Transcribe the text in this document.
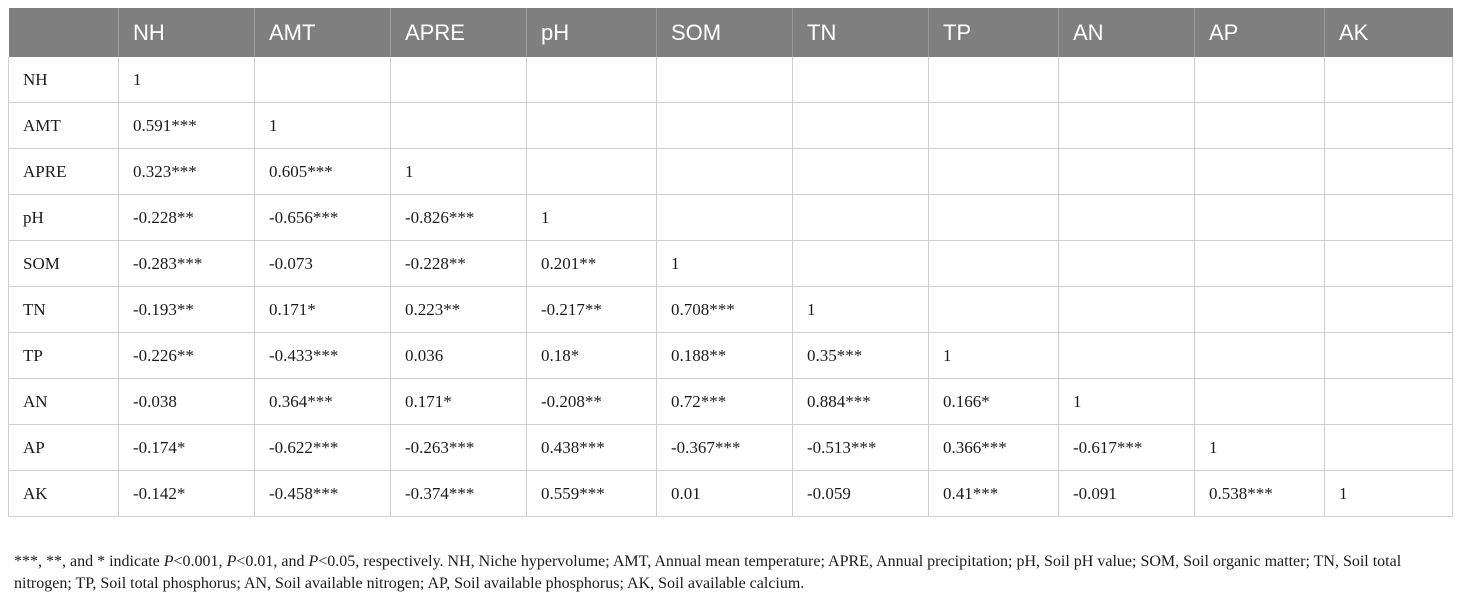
	NH	AMT	APRE	pH	SOM	TN	TP	AN	AP	AK
NH	1									
AMT	0.591***	1								
APRE	0.323***	0.605***	1							
pH	-0.228**	-0.656***	-0.826***	1						
SOM	-0.283***	-0.073	-0.228**	0.201**	1					
TN	-0.193**	0.171*	0.223**	-0.217**	0.708***	1				
TP	-0.226**	-0.433***	0.036	0.18*	0.188**	0.35***	1			
AN	-0.038	0.364***	0.171*	-0.208**	0.72***	0.884***	0.166*	1		
AP	-0.174*	-0.622***	-0.263***	0.438***	-0.367***	-0.513***	0.366***	-0.617***	1	
AK	-0.142*	-0.458***	-0.374***	0.559***	0.01	-0.059	0.41***	-0.091	0.538***	1
***, **, and * indicate P<0.001, P<0.01, and P<0.05, respectively. NH, Niche hypervolume; AMT, Annual mean temperature; APRE, Annual precipitation; pH, Soil pH value; SOM, Soil organic matter; TN, Soil total nitrogen; TP, Soil total phosphorus; AN, Soil available nitrogen; AP, Soil available phosphorus; AK, Soil available calcium.
